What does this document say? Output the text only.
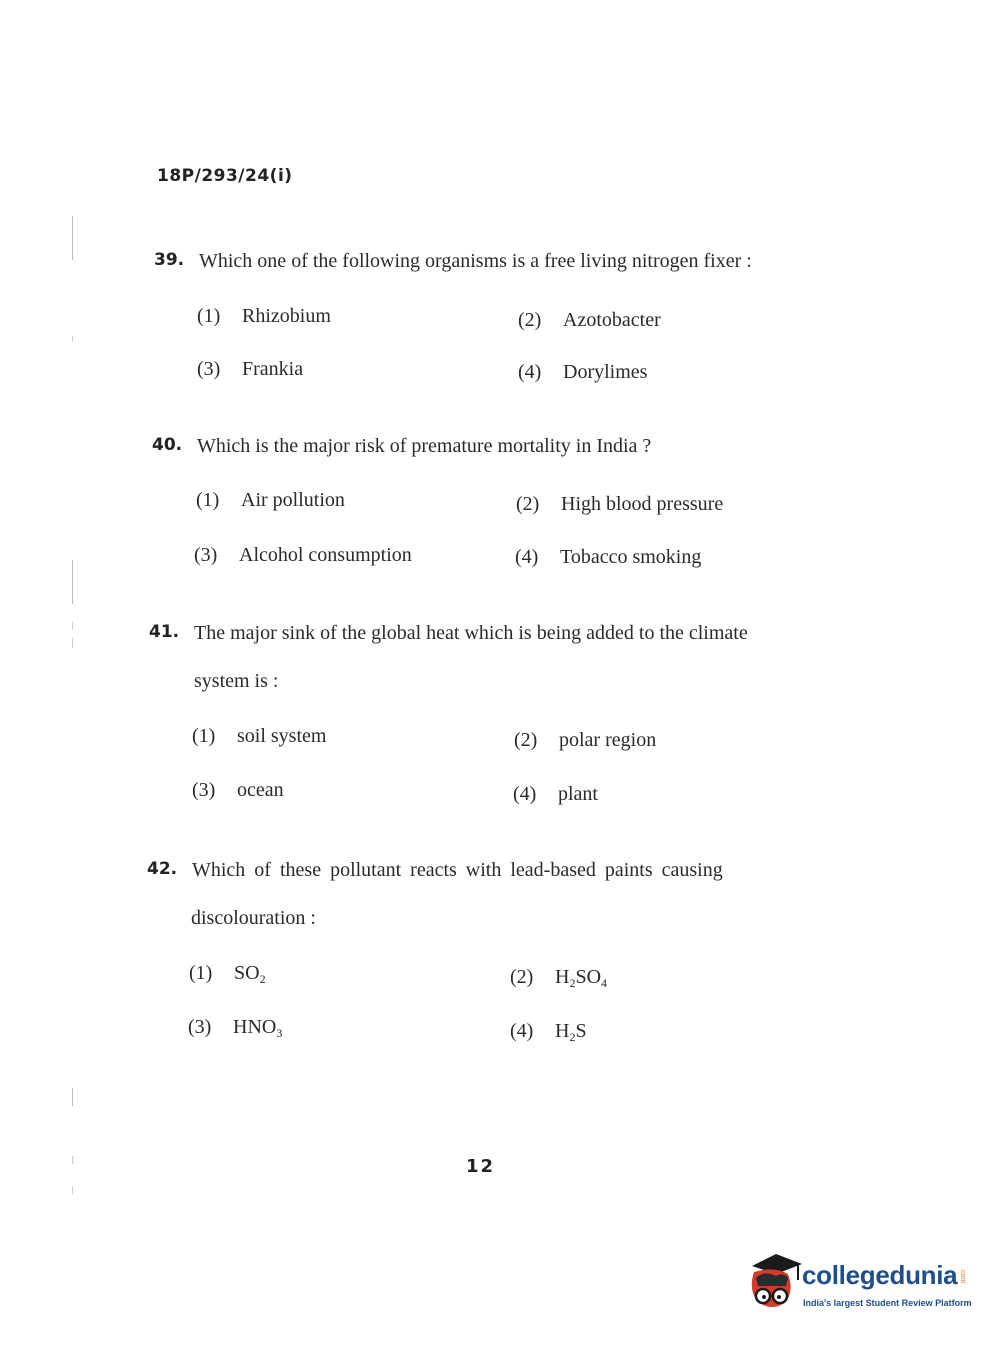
18P/293/24(i)
39. Which one of the following organisms is a free living nitrogen fixer :
(1) Rhizobium	(2) Azotobacter
(3) Frankia	(4) Dorylimes
40. Which is the major risk of premature mortality in India ?
(1) Air pollution	(2) High blood pressure
(3) Alcohol consumption	(4) Tobacco smoking
41. The major sink of the global heat which is being added to the climate
system is :
(1) soil system	(2) polar region
(3) ocean	(4) plant
42. Which of these pollutant reacts with lead-based paints causing
discolouration :
(1) $SO_2$	(2) $H_2SO_4$
(3) $HNO_3$	(4) $H_2S$
12
collegedunia .com
India's largest Student Review Platform
